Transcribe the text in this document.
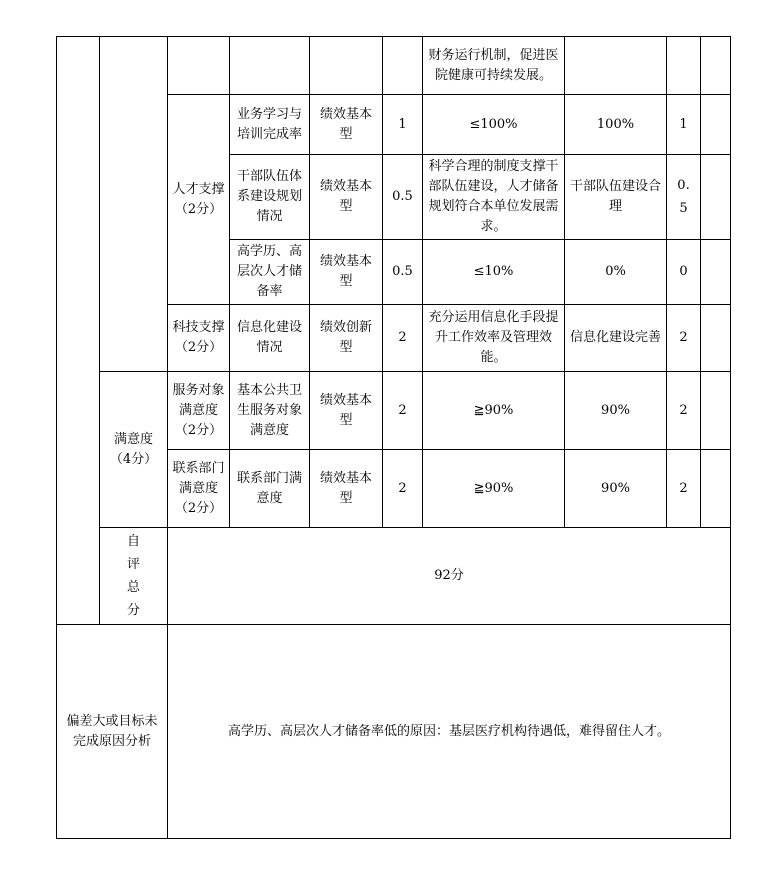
						财务运行机制，促进医院健康可持续发展。			
		人才支撑（2分）	业务学习与培训完成率	绩效基本型	1	≤100%	100%	1	
			干部队伍体系建设规划情况	绩效基本型	0.5	科学合理的制度支撑干部队伍建设，人才储备规划符合本单位发展需求。	干部队伍建设合理	0.5	
			高学历、高层次人才储备率	绩效基本型	0.5	≤10%	0%	0	
		科技支撑（2分）	信息化建设情况	绩效创新型	2	充分运用信息化手段提升工作效率及管理效能。	信息化建设完善	2	
	满意度（4分）	服务对象满意度（2分）	基本公共卫生服务对象满意度	绩效基本型	2	≧90%	90%	2	
		联系部门满意度（2分）	联系部门满意度	绩效基本型	2	≧90%	90%	2	
	自评总分	92分							
偏差大或目标未完成原因分析		高学历、高层次人才储备率低的原因：基层医疗机构待遇低，难得留住人才。							
